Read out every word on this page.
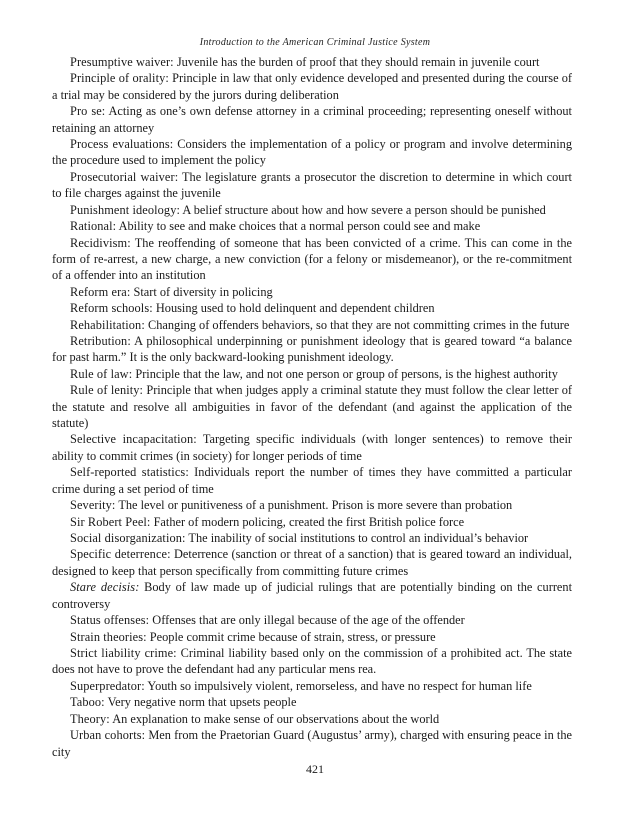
Introduction to the American Criminal Justice System

Presumptive waiver: Juvenile has the burden of proof that they should remain in juvenile court

Principle of orality: Principle in law that only evidence developed and presented during the course of a trial may be considered by the jurors during deliberation

Pro se: Acting as one’s own defense attorney in a criminal proceeding; representing oneself without retaining an attorney

Process evaluations: Considers the implementation of a policy or program and involve determining the procedure used to implement the policy

Prosecutorial waiver: The legislature grants a prosecutor the discretion to determine in which court to file charges against the juvenile

Punishment ideology: A belief structure about how and how severe a person should be punished

Rational: Ability to see and make choices that a normal person could see and make

Recidivism: The reoffending of someone that has been convicted of a crime. This can come in the form of re-arrest, a new charge, a new conviction (for a felony or misdemeanor), or the re-commitment of a offender into an institution

Reform era: Start of diversity in policing

Reform schools: Housing used to hold delinquent and dependent children

Rehabilitation: Changing of offenders behaviors, so that they are not committing crimes in the future

Retribution: A philosophical underpinning or punishment ideology that is geared toward “a balance for past harm.” It is the only backward-looking punishment ideology.

Rule of law: Principle that the law, and not one person or group of persons, is the highest authority

Rule of lenity: Principle that when judges apply a criminal statute they must follow the clear letter of the statute and resolve all ambiguities in favor of the defendant (and against the application of the statute)

Selective incapacitation: Targeting specific individuals (with longer sentences) to remove their ability to commit crimes (in society) for longer periods of time

Self-reported statistics: Individuals report the number of times they have committed a particular crime during a set period of time

Severity: The level or punitiveness of a punishment. Prison is more severe than probation

Sir Robert Peel: Father of modern policing, created the first British police force

Social disorganization: The inability of social institutions to control an individual’s behavior

Specific deterrence: Deterrence (sanction or threat of a sanction) that is geared toward an individual, designed to keep that person specifically from committing future crimes

Stare decisis: Body of law made up of judicial rulings that are potentially binding on the current controversy

Status offenses: Offenses that are only illegal because of the age of the offender

Strain theories: People commit crime because of strain, stress, or pressure

Strict liability crime: Criminal liability based only on the commission of a prohibited act. The state does not have to prove the defendant had any particular mens rea.

Superpredator: Youth so impulsively violent, remorseless, and have no respect for human life

Taboo: Very negative norm that upsets people

Theory: An explanation to make sense of our observations about the world

Urban cohorts: Men from the Praetorian Guard (Augustus’ army), charged with ensuring peace in the city

421
